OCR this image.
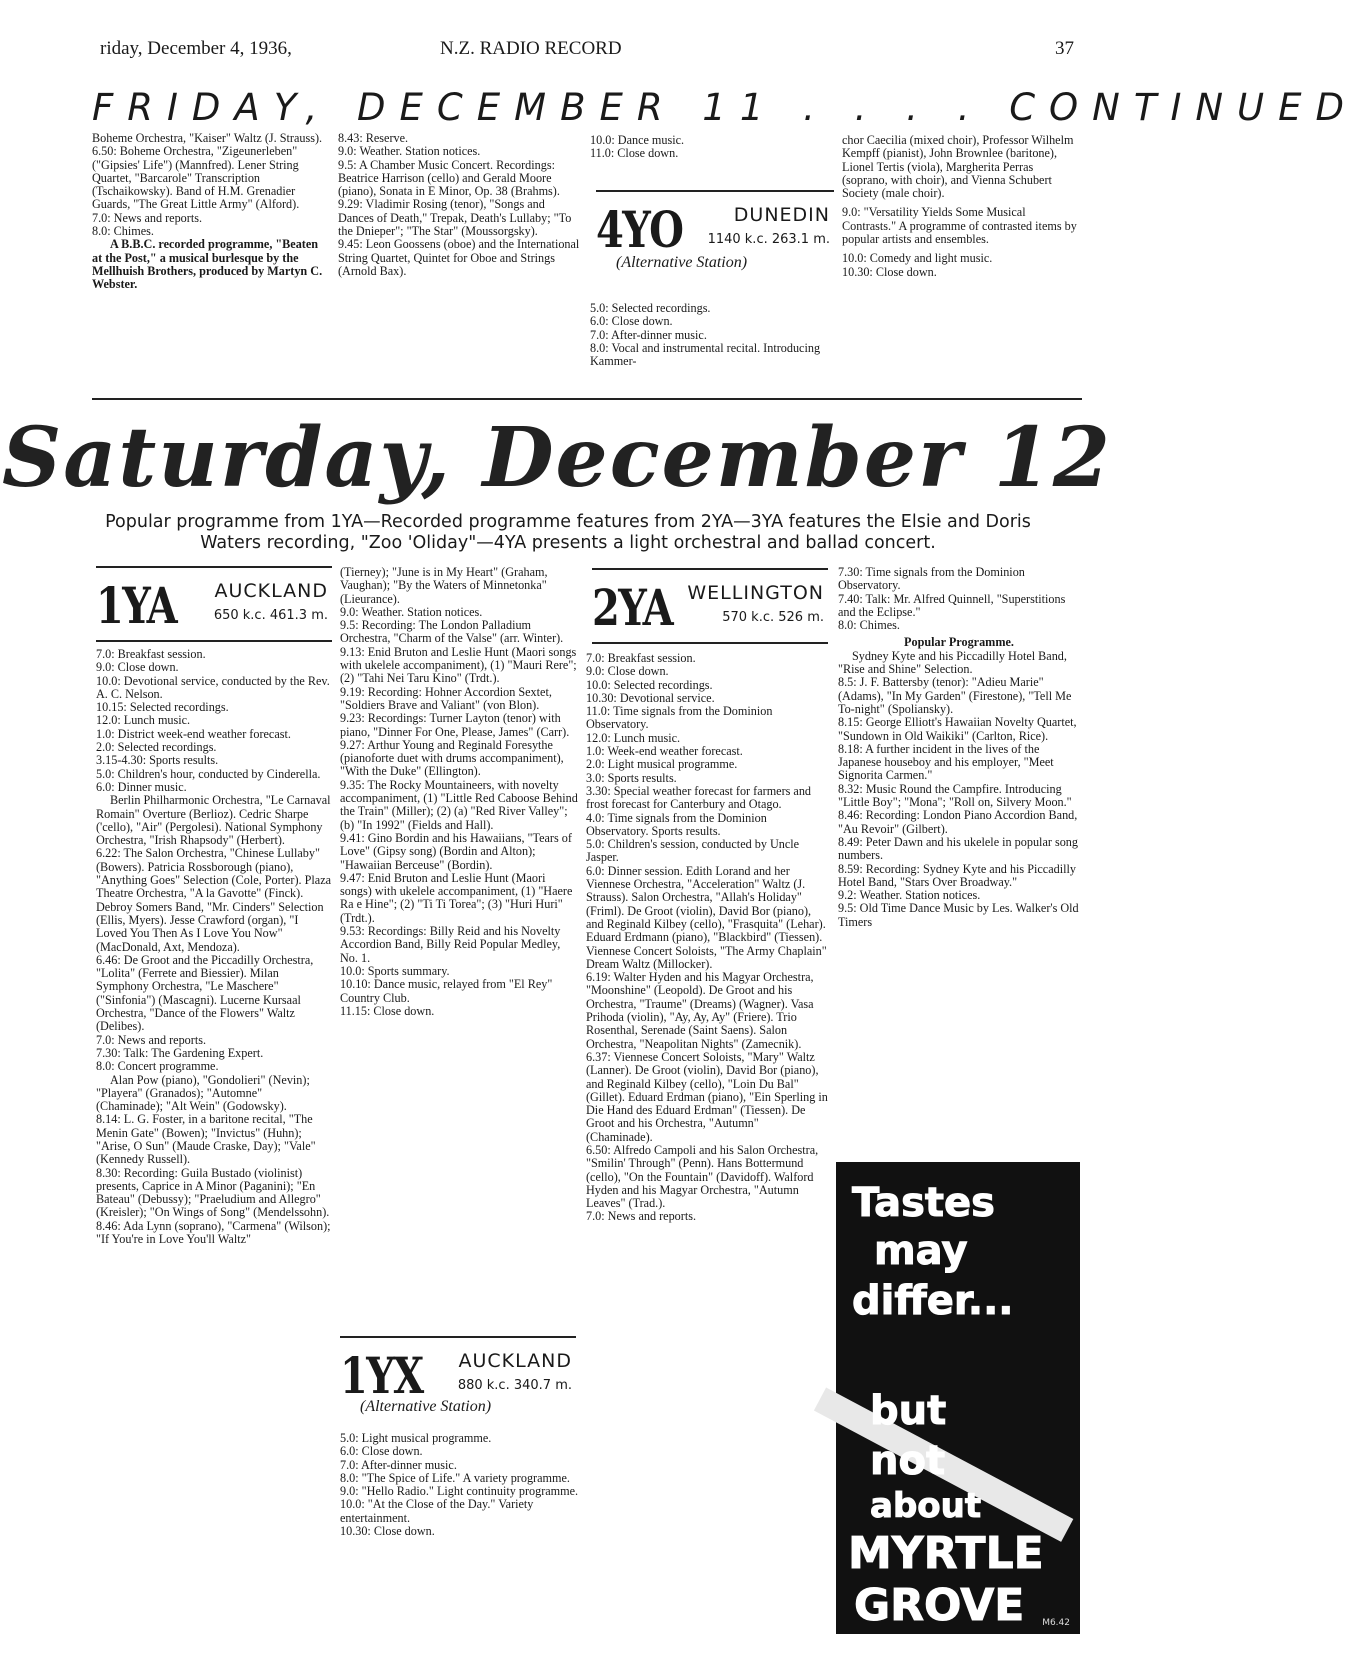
riday, December 4, 1936,	N.Z. RADIO RECORD	37
FRIDAY, DECEMBER 11 . . . . CONTINUED

Boheme Orchestra, "Kaiser" Waltz (J. Strauss).

6.50: Boheme Orchestra, "Zigeunerleben" ("Gipsies' Life") (Mannfred). Lener String Quartet, "Barcarole" Transcription (Tschaikowsky). Band of H.M. Grenadier Guards, "The Great Little Army" (Alford).

7.0: News and reports.

8.0: Chimes.

A B.B.C. recorded programme, "Beaten at the Post," a musical burlesque by the Mellhuish Brothers, produced by Martyn C. Webster.

8.43: Reserve.

9.0: Weather. Station notices.

9.5: A Chamber Music Concert. Recordings: Beatrice Harrison (cello) and Gerald Moore (piano), Sonata in E Minor, Op. 38 (Brahms).

9.29: Vladimir Rosing (tenor), "Songs and Dances of Death," Trepak, Death's Lullaby; "To the Dnieper"; "The Star" (Moussorgsky).

9.45: Leon Goossens (oboe) and the International String Quartet, Quintet for Oboe and Strings (Arnold Bax).

10.0: Dance music.

11.0: Close down.

4YO	DUNEDIN
1140 k.c. 263.1 m.
(Alternative Station)

5.0: Selected recordings.

6.0: Close down.

7.0: After-dinner music.

8.0: Vocal and instrumental recital. Introducing Kammer-

chor Caecilia (mixed choir), Professor Wilhelm Kempff (pianist), John Brownlee (baritone), Lionel Tertis (viola), Margherita Perras (soprano, with choir), and Vienna Schubert Society (male choir).

9.0: "Versatility Yields Some Musical Contrasts." A programme of contrasted items by popular artists and ensembles.

10.0: Comedy and light music.

10.30: Close down.

Saturday, December 12
Popular programme from 1YA—Recorded programme features from 2YA—3YA features the Elsie and Doris Waters recording, "Zoo 'Oliday"—4YA presents a light orchestral and ballad concert.
1YA AUCKLAND
650 k.c. 461.3 m.

7.0: Breakfast session.

9.0: Close down.

10.0: Devotional service, conducted by the Rev. A. C. Nelson.

10.15: Selected recordings.

12.0: Lunch music.

1.0: District week-end weather forecast.

2.0: Selected recordings.

3.15-4.30: Sports results.

5.0: Children's hour, conducted by Cinderella.

6.0: Dinner music.

Berlin Philharmonic Orchestra, "Le Carnaval Romain" Overture (Berlioz). Cedric Sharpe ('cello), "Air" (Pergolesi). National Symphony Orchestra, "Irish Rhapsody" (Herbert).

6.22: The Salon Orchestra, "Chinese Lullaby" (Bowers). Patricia Rossborough (piano), "Anything Goes" Selection (Cole, Porter). Plaza Theatre Orchestra, "A la Gavotte" (Finck). Debroy Somers Band, "Mr. Cinders" Selection (Ellis, Myers). Jesse Crawford (organ), "I Loved You Then As I Love You Now" (MacDonald, Axt, Mendoza).

6.46: De Groot and the Piccadilly Orchestra, "Lolita" (Ferrete and Biessier). Milan Symphony Orchestra, "Le Maschere" ("Sinfonia") (Mascagni). Lucerne Kursaal Orchestra, "Dance of the Flowers" Waltz (Delibes).

7.0: News and reports.

7.30: Talk: The Gardening Expert.

8.0: Concert programme.

Alan Pow (piano), "Gondolieri" (Nevin); "Playera" (Granados); "Automne" (Chaminade); "Alt Wein" (Godowsky).

8.14: L. G. Foster, in a baritone recital, "The Menin Gate" (Bowen); "Invictus" (Huhn); "Arise, O Sun" (Maude Craske, Day); "Vale" (Kennedy Russell).

8.30: Recording: Guila Bustado (violinist) presents, Caprice in A Minor (Paganini); "En Bateau" (Debussy); "Praeludium and Allegro" (Kreisler); "On Wings of Song" (Mendelssohn).

8.46: Ada Lynn (soprano), "Carmena" (Wilson); "If You're in Love You'll Waltz"

(Tierney); "June is in My Heart" (Graham, Vaughan); "By the Waters of Minnetonka" (Lieurance).

9.0: Weather. Station notices.

9.5: Recording: The London Palladium Orchestra, "Charm of the Valse" (arr. Winter).

9.13: Enid Bruton and Leslie Hunt (Maori songs with ukelele accompaniment), (1) "Mauri Rere"; (2) "Tahi Nei Taru Kino" (Trdt.).

9.19: Recording: Hohner Accordion Sextet, "Soldiers Brave and Valiant" (von Blon).

9.23: Recordings: Turner Layton (tenor) with piano, "Dinner For One, Please, James" (Carr).

9.27: Arthur Young and Reginald Foresythe (pianoforte duet with drums accompaniment), "With the Duke" (Ellington).

9.35: The Rocky Mountaineers, with novelty accompaniment, (1) "Little Red Caboose Behind the Train" (Miller); (2) (a) "Red River Valley"; (b) "In 1992" (Fields and Hall).

9.41: Gino Bordin and his Hawaiians, "Tears of Love" (Gipsy song) (Bordin and Alton); "Hawaiian Berceuse" (Bordin).

9.47: Enid Bruton and Leslie Hunt (Maori songs) with ukelele accompaniment, (1) "Haere Ra e Hine"; (2) "Ti Ti Torea"; (3) "Huri Huri" (Trdt.).

9.53: Recordings: Billy Reid and his Novelty Accordion Band, Billy Reid Popular Medley, No. 1.

10.0: Sports summary.

10.10: Dance music, relayed from "El Rey" Country Club.

11.15: Close down.

1YX AUCKLAND
880 k.c. 340.7 m.
(Alternative Station)

5.0: Light musical programme.

6.0: Close down.

7.0: After-dinner music.

8.0: "The Spice of Life." A variety programme.

9.0: "Hello Radio." Light continuity programme.

10.0: "At the Close of the Day." Variety entertainment.

10.30: Close down.

2YA WELLINGTON
570 k.c. 526 m.

7.0: Breakfast session.

9.0: Close down.

10.0: Selected recordings.

10.30: Devotional service.

11.0: Time signals from the Dominion Observatory.

12.0: Lunch music.

1.0: Week-end weather forecast.

2.0: Light musical programme.

3.0: Sports results.

3.30: Special weather forecast for farmers and frost forecast for Canterbury and Otago.

4.0: Time signals from the Dominion Observatory. Sports results.

5.0: Children's session, conducted by Uncle Jasper.

6.0: Dinner session. Edith Lorand and her Viennese Orchestra, "Acceleration" Waltz (J. Strauss). Salon Orchestra, "Allah's Holiday" (Friml). De Groot (violin), David Bor (piano), and Reginald Kilbey (cello), "Frasquita" (Lehar). Eduard Erdmann (piano), "Blackbird" (Tiessen). Viennese Concert Soloists, "The Army Chaplain" Dream Waltz (Millocker).

6.19: Walter Hyden and his Magyar Orchestra, "Moonshine" (Leopold). De Groot and his Orchestra, "Traume" (Dreams) (Wagner). Vasa Prihoda (violin), "Ay, Ay, Ay" (Friere). Trio Rosenthal, Serenade (Saint Saens). Salon Orchestra, "Neapolitan Nights" (Zamecnik).

6.37: Viennese Concert Soloists, "Mary" Waltz (Lanner). De Groot (violin), David Bor (piano), and Reginald Kilbey (cello), "Loin Du Bal" (Gillet). Eduard Erdman (piano), "Ein Sperling in Die Hand des Eduard Erdman" (Tiessen). De Groot and his Orchestra, "Autumn" (Chaminade).

6.50: Alfredo Campoli and his Salon Orchestra, "Smilin' Through" (Penn). Hans Bottermund (cello), "On the Fountain" (Davidoff). Walford Hyden and his Magyar Orchestra, "Autumn Leaves" (Trad.).

7.0: News and reports.

7.30: Time signals from the Dominion Observatory.

7.40: Talk: Mr. Alfred Quinnell, "Superstitions and the Eclipse."

8.0: Chimes.

Popular Programme.

Sydney Kyte and his Piccadilly Hotel Band, "Rise and Shine" Selection.

8.5: J. F. Battersby (tenor): "Adieu Marie" (Adams), "In My Garden" (Firestone), "Tell Me To-night" (Spoliansky).

8.15: George Elliott's Hawaiian Novelty Quartet, "Sundown in Old Waikiki" (Carlton, Rice).

8.18: A further incident in the lives of the Japanese houseboy and his employer, "Meet Signorita Carmen."

8.32: Music Round the Campfire. Introducing "Little Boy"; "Mona"; "Roll on, Silvery Moon."

8.46: Recording: London Piano Accordion Band, "Au Revoir" (Gilbert).

8.49: Peter Dawn and his ukelele in popular song numbers.

8.59: Recording: Sydney Kyte and his Piccadilly Hotel Band, "Stars Over Broadway."

9.2: Weather. Station notices.

9.5: Old Time Dance Music by Les. Walker's Old Timers

Tastes
may
differ...
but
not
about
MYRTLE
GROVE M6.42
